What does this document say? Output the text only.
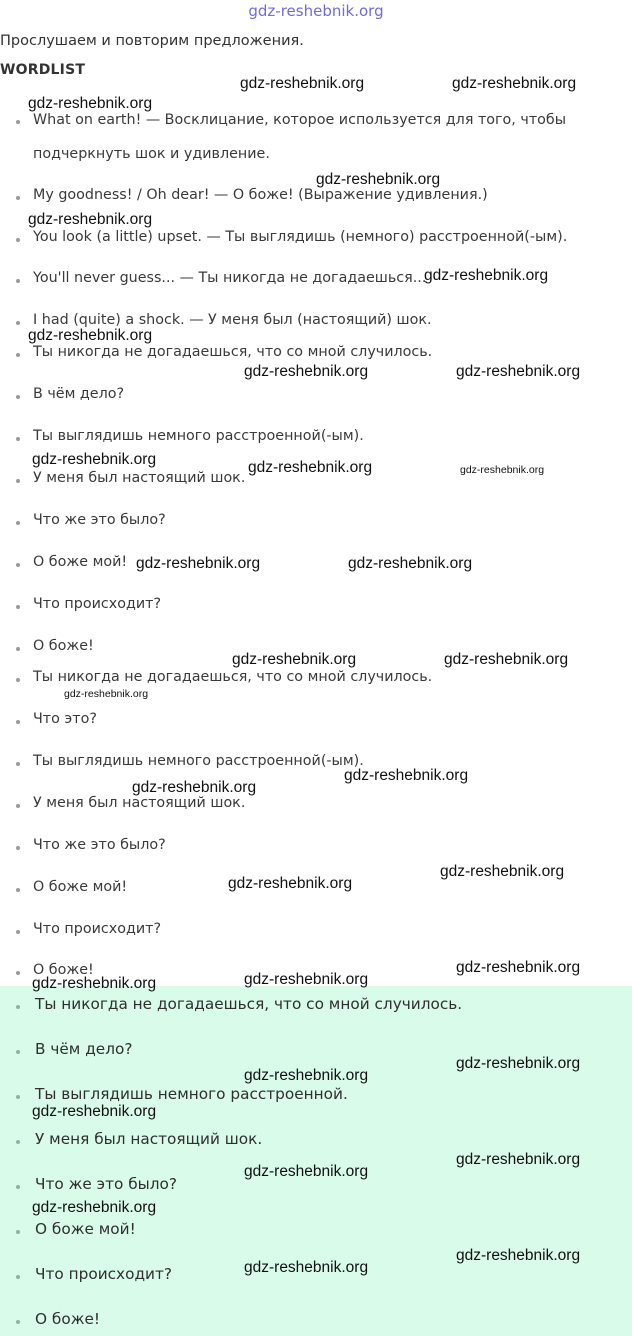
gdz-reshebnik.org
Прослушаем и повторим предложения.
WORDLIST
What on earth! — Восклицание, которое используется для того, чтобы подчеркнуть шок и удивление.
My goodness! / Oh dear! — О боже! (Выражение удивления.)
You look (a little) upset. — Ты выглядишь (немного) расстроенной(-ым).
You'll never guess... — Ты никогда не догадаешься...
I had (quite) a shock. — У меня был (настоящий) шок.
Ты никогда не догадаешься, что со мной случилось.
В чём дело?
Ты выглядишь немного расстроенной(-ым).
У меня был настоящий шок.
Что же это было?
О боже мой!
Что происходит?
О боже!
Ты никогда не догадаешься, что со мной случилось.
Что это?
Ты выглядишь немного расстроенной(-ым).
У меня был настоящий шок.
Что же это было?
О боже мой!
Что происходит?
О боже!
Ты никогда не догадаешься, что со мной случилось.
В чём дело?
Ты выглядишь немного расстроенной.
У меня был настоящий шок.
Что же это было?
О боже мой!
Что происходит?
О боже!
gdz-reshebnik.org	gdz-reshebnik.org
gdz-reshebnik.org
gdz-reshebnik.org
gdz-reshebnik.org
gdz-reshebnik.org
gdz-reshebnik.org
gdz-reshebnik.org	gdz-reshebnik.org
gdz-reshebnik.org	gdz-reshebnik.org	gdz-reshebnik.org
gdz-reshebnik.org	gdz-reshebnik.org
gdz-reshebnik.org	gdz-reshebnik.org
gdz-reshebnik.org
gdz-reshebnik.org
gdz-reshebnik.org
gdz-reshebnik.org
gdz-reshebnik.org
gdz-reshebnik.org
gdz-reshebnik.org
gdz-reshebnik.org
gdz-reshebnik.org
gdz-reshebnik.org
gdz-reshebnik.org
gdz-reshebnik.org
gdz-reshebnik.org
gdz-reshebnik.org
gdz-reshebnik.org
gdz-reshebnik.org
